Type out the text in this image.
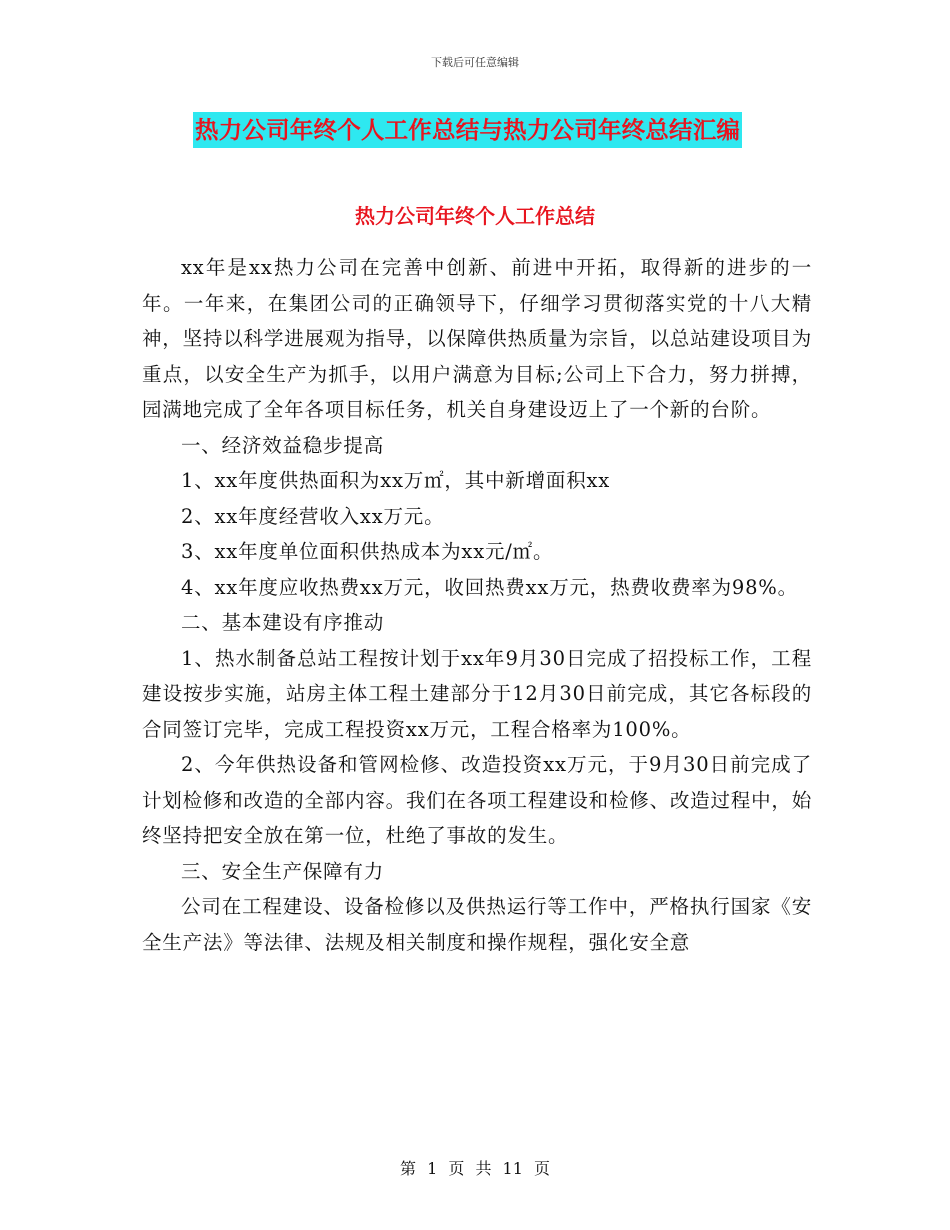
下载后可任意编辑
热力公司年终个人工作总结与热力公司年终总结汇编
热力公司年终个人工作总结

xx年是xx热力公司在完善中创新、前进中开拓，取得新的进步的一年。一年来，在集团公司的正确领导下，仔细学习贯彻落实党的十八大精神，坚持以科学进展观为指导，以保障供热质量为宗旨，以总站建设项目为重点，以安全生产为抓手，以用户满意为目标;公司上下合力，努力拼搏，园满地完成了全年各项目标任务，机关自身建设迈上了一个新的台阶。

一、经济效益稳步提高

1、xx年度供热面积为xx万㎡，其中新增面积xx

2、xx年度经营收入xx万元。

3、xx年度单位面积供热成本为xx元/㎡。

4、xx年度应收热费xx万元，收回热费xx万元，热费收费率为98%。

二、基本建设有序推动

1、热水制备总站工程按计划于xx年9月30日完成了招投标工作，工程建设按步实施，站房主体工程土建部分于12月30日前完成，其它各标段的合同签订完毕，完成工程投资xx万元，工程合格率为100%。

2、今年供热设备和管网检修、改造投资xx万元，于9月30日前完成了计划检修和改造的全部内容。我们在各项工程建设和检修、改造过程中，始终坚持把安全放在第一位，杜绝了事故的发生。

三、安全生产保障有力

公司在工程建设、设备检修以及供热运行等工作中，严格执行国家《安全生产法》等法律、法规及相关制度和操作规程，强化安全意

第 1 页 共 11 页
